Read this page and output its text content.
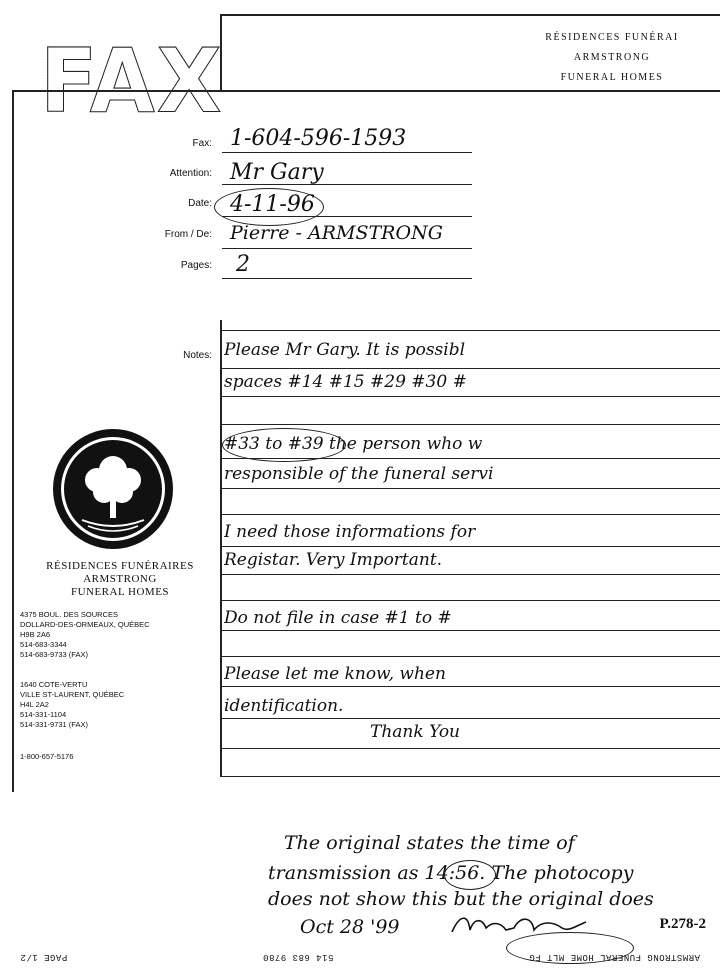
FAX	RÉSIDENCES FUNÉRAI
ARMSTRONG
FUNERAL HOMES
Fax: 1-604-596-1593
Attention: Mr Gary
Date: 4-11-96
From / De: Pierre - ARMSTRONG
Pages: 2
Notes: Please Mr Gary. It is possibl
spaces #14 #15 #29 #30 #
#33 to #39 the person who w
responsible of the funeral servi
I need those informations for
Registar. Very Important.
Do not file in case #1 to #
Please let me know, when
identification.
Thank You
RÉSIDENCES FUNÉRAIRES
ARMSTRONG
FUNERAL HOMES
4375 BOUL. DES SOURCES
DOLLARD-DES-ORMEAUX, QUÉBEC
H9B 2A6
514-683-3344
514-683-9733 (FAX)
1640 COTE-VERTU
VILLE ST-LAURENT, QUÉBEC
H4L 2A2
514-331-1104
514-331-9731 (FAX)
1-800-657-5176
The original states the time of
transmission as 14:56. The photocopy
does not show this but the original does
Oct 28 '99	P.278-2
ARMSTRONG FUNERAL HOME MLT FG
514 683 9780
PAGE 1/2
